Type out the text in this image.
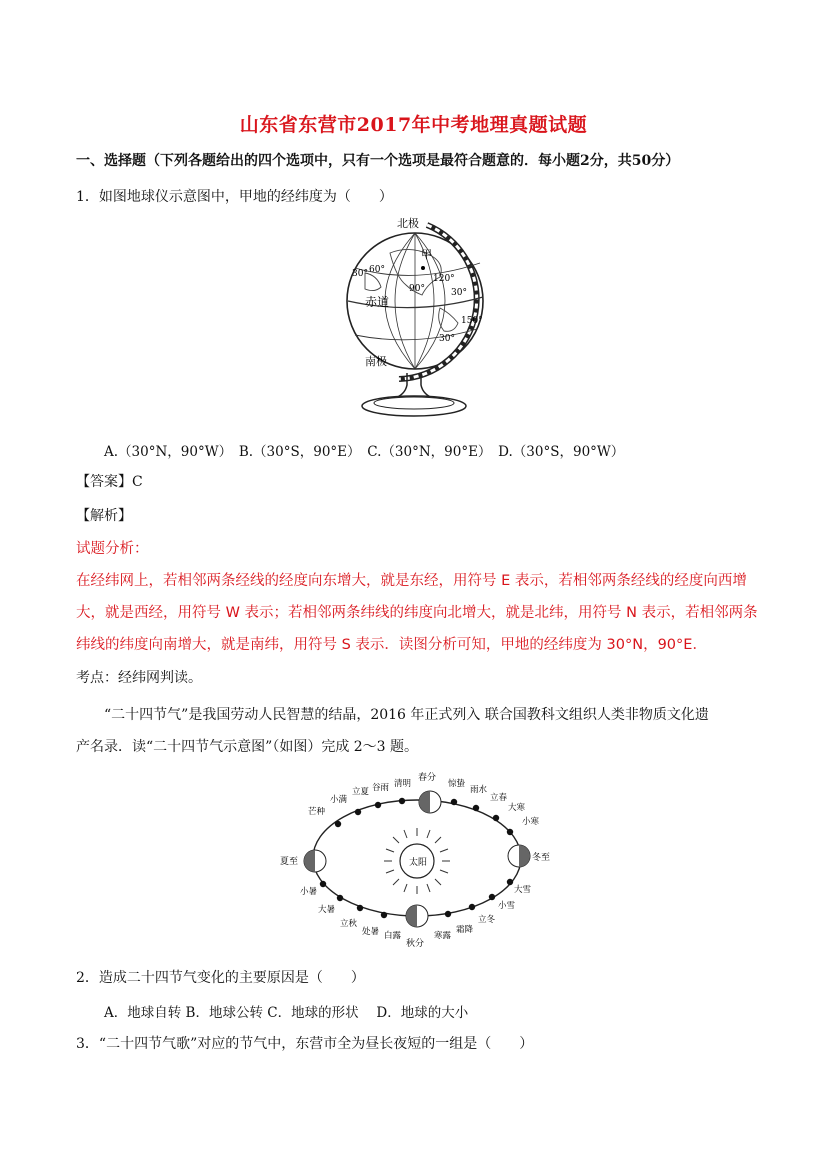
山东省东营市2017年中考地理真题试题
一、选择题（下列各题给出的四个选项中，只有一个选项是最符合题意的．每小题2分，共50分）
1．如图地球仪示意图中，甲地的经纬度为（　　）
北极
甲
30° 60°
90°
120°
赤道
30°
150°
30°
南极
A.（30°N，90°W）　B.（30°S，90°E）　C.（30°N，90°E）　D.（30°S，90°W）
【答案】C
【解析】
试题分析：
在经纬网上，若相邻两条经线的经度向东增大，就是东经，用符号 E 表示，若相邻两条经线的经度向西增
大，就是西经，用符号 W 表示；若相邻两条纬线的纬度向北增大，就是北纬，用符号 N 表示，若相邻两条
纬线的纬度向南增大，就是南纬，用符号 S 表示．读图分析可知，甲地的经纬度为 30°N，90°E．
考点：经纬网判读。
“二十四节气”是我国劳动人民智慧的结晶，2016 年正式列入 联合国教科文组织人类非物质文化遗
产名录．读“二十四节气示意图”（如图）完成 2～3 题。
太阳
春分
夏至
秋分
冬至
芒种
小满
立夏 谷雨 清明	惊蛰
雨水
立春
大寒
小寒
小暑
大暑
立秋
处暑 白露	寒露
霜降
立冬
小雪
大雪
2．造成二十四节气变化的主要原因是（　　）
A．地球自转 B．地球公转 C．地球的形状　 D．地球的大小
3．“二十四节气歌”对应的节气中，东营市全为昼长夜短的一组是（　　）
